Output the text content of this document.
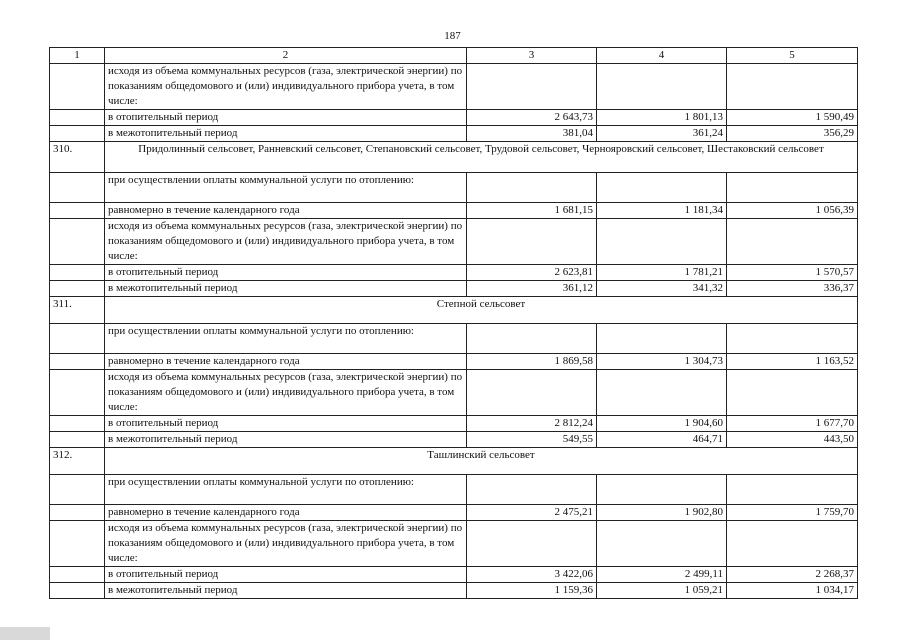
187
1	2	3	4	5
	исходя из объема коммунальных ресурсов (газа, электрической энергии) по показаниям общедомового и (или) индивидуального прибора учета, в том числе:			
	в отопительный период	2 643,73	1 801,13	1 590,49
	в межотопительный период	381,04	361,24	356,29
310.	Придолинный сельсовет, Ранневский сельсовет, Степановский сельсовет, Трудовой сельсовет, Чернояровский сельсовет, Шестаковский сельсовет			
	при осуществлении оплаты коммунальной услуги по отоплению:			
	равномерно в течение календарного года	1 681,15	1 181,34	1 056,39
	исходя из объема коммунальных ресурсов (газа, электрической энергии) по показаниям общедомового и (или) индивидуального прибора учета, в том числе:			
	в отопительный период	2 623,81	1 781,21	1 570,57
	в межотопительный период	361,12	341,32	336,37
311.	Степной сельсовет			
	при осуществлении оплаты коммунальной услуги по отоплению:			
	равномерно в течение календарного года	1 869,58	1 304,73	1 163,52
	исходя из объема коммунальных ресурсов (газа, электрической энергии) по показаниям общедомового и (или) индивидуального прибора учета, в том числе:			
	в отопительный период	2 812,24	1 904,60	1 677,70
	в межотопительный период	549,55	464,71	443,50
312.	Ташлинский сельсовет			
	при осуществлении оплаты коммунальной услуги по отоплению:			
	равномерно в течение календарного года	2 475,21	1 902,80	1 759,70
	исходя из объема коммунальных ресурсов (газа, электрической энергии) по показаниям общедомового и (или) индивидуального прибора учета, в том числе:			
	в отопительный период	3 422,06	2 499,11	2 268,37
	в межотопительный период	1 159,36	1 059,21	1 034,17
